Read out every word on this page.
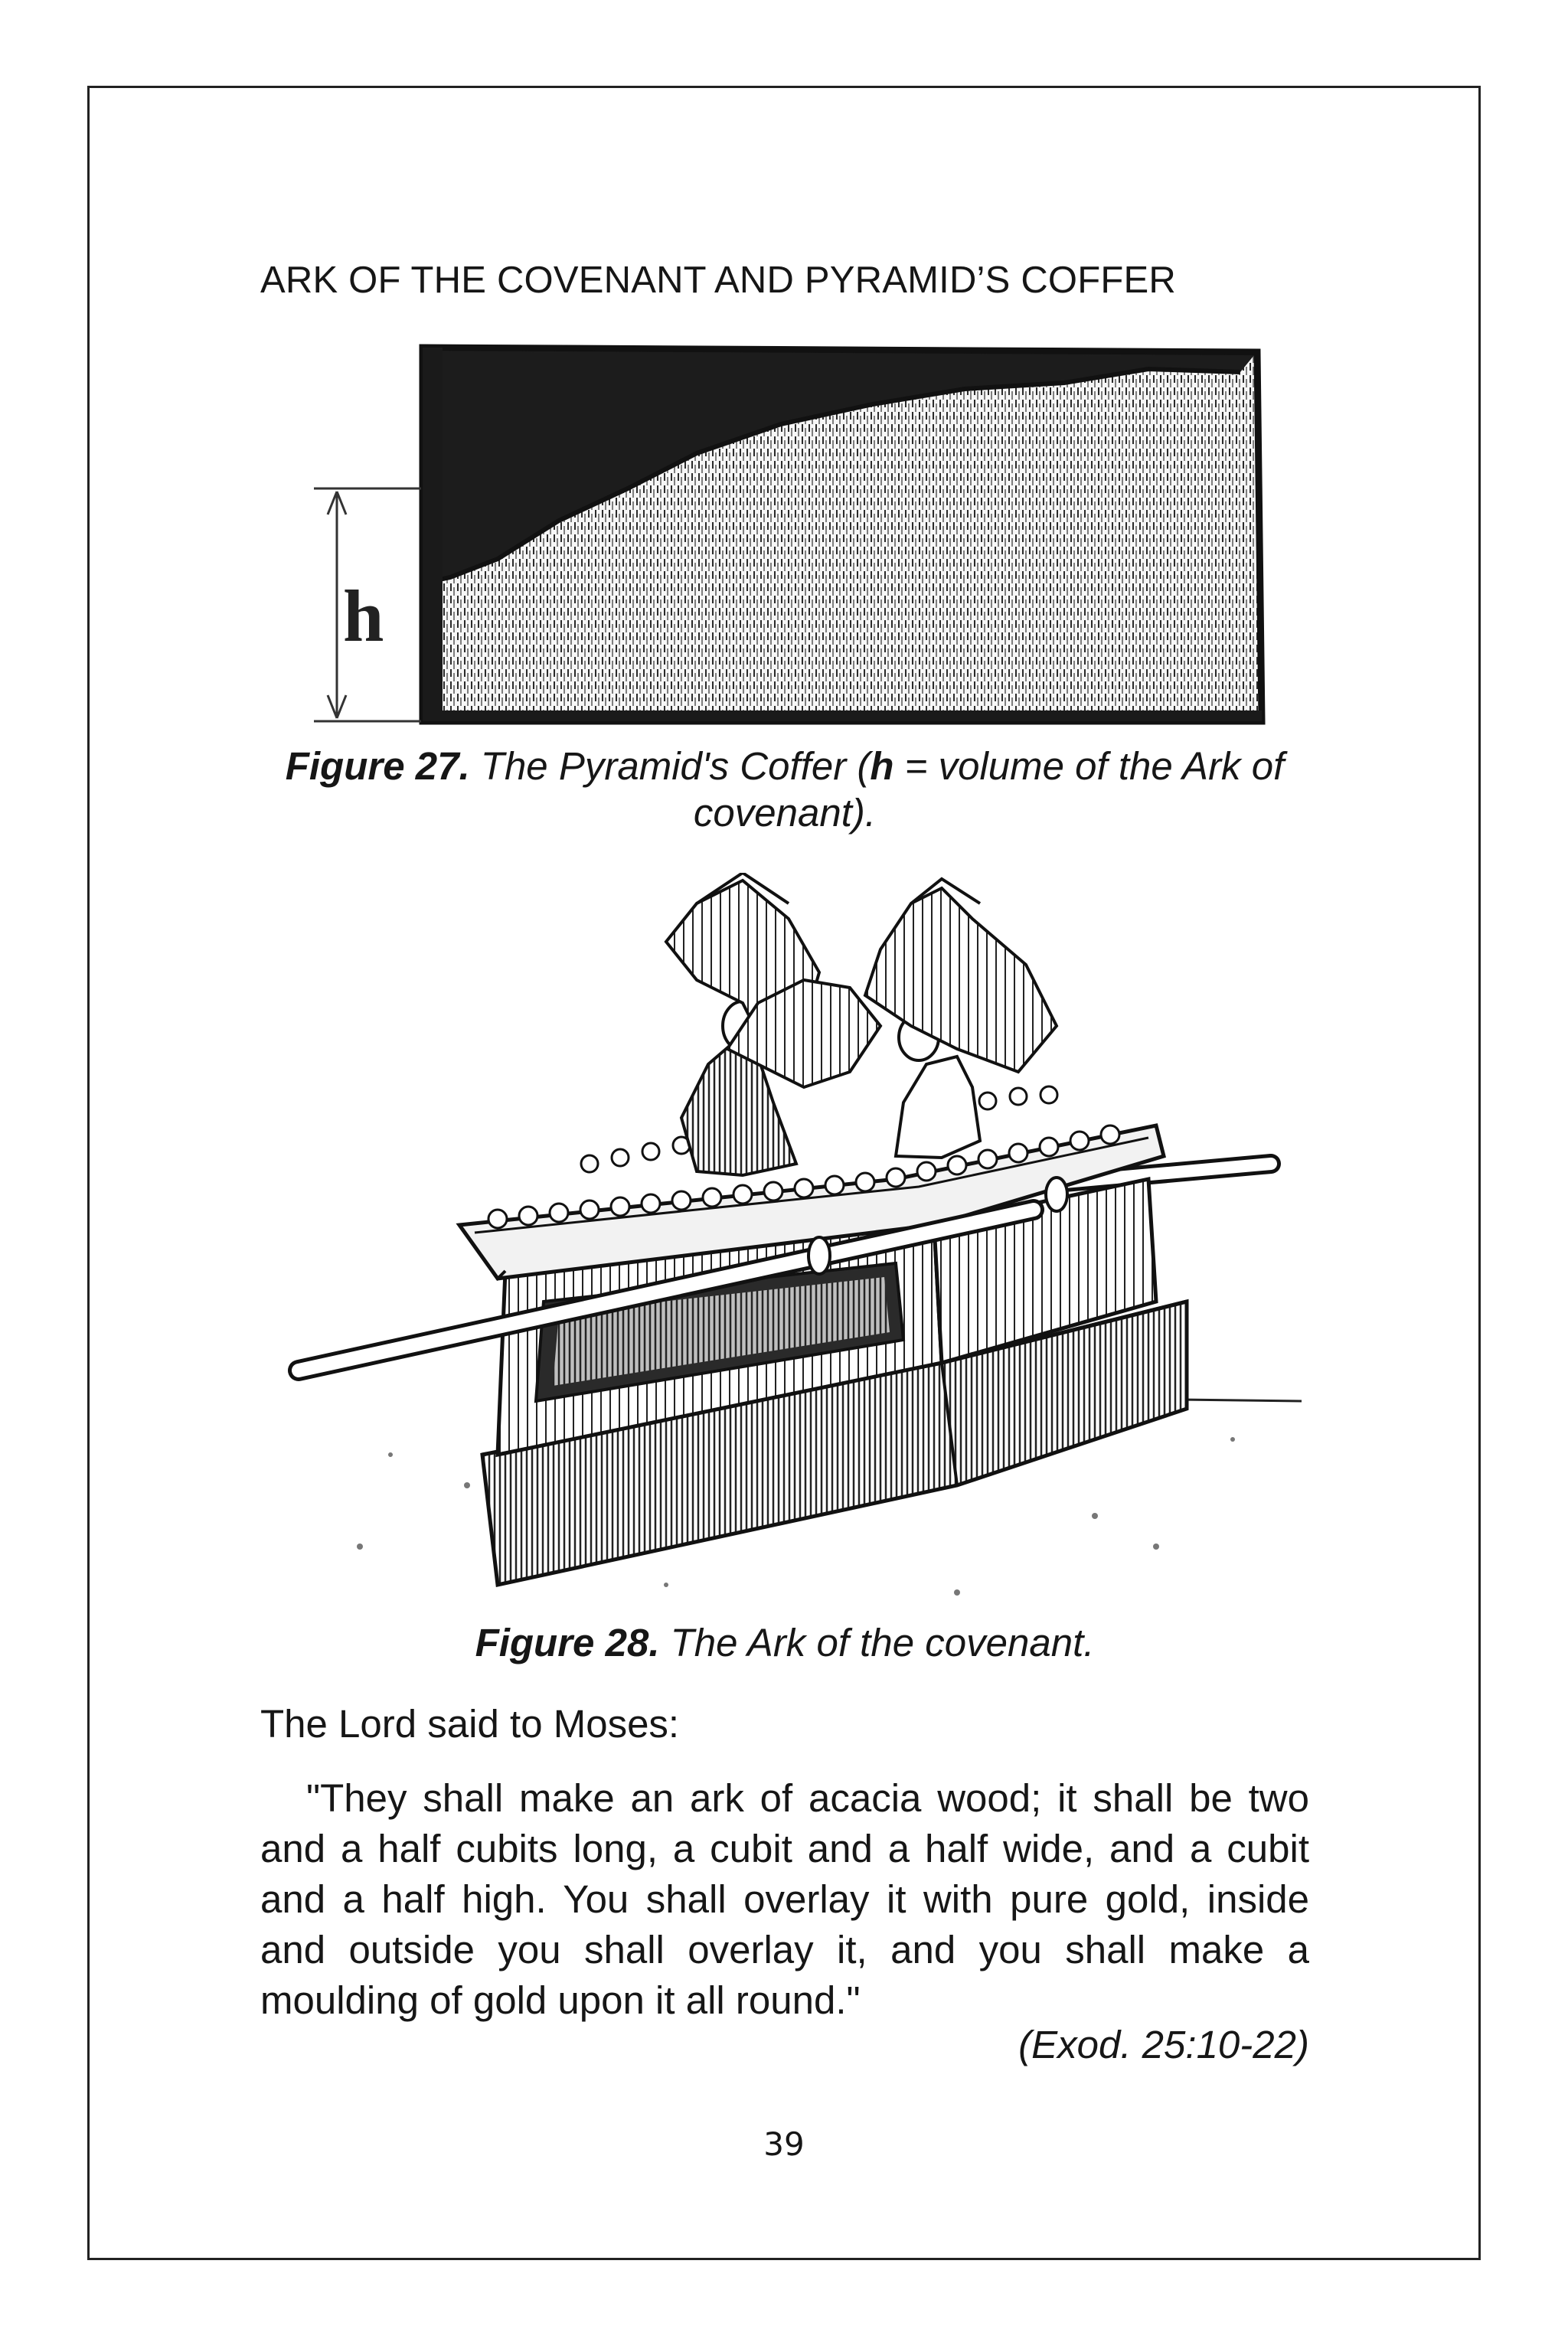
ARK OF THE COVENANT AND PYRAMID’S COFFER
h
Figure 27. The Pyramid's Coffer (h = volume of the Ark of covenant).
Figure 28. The Ark of the covenant.
The Lord said to Moses:
"They shall make an ark of acacia wood; it shall be two and a half cubits long, a cubit and a half wide, and a cubit and a half high. You shall overlay it with pure gold, inside and outside you shall overlay it, and you shall make a moulding of gold upon it all round."
(Exod. 25:10-22)
39
